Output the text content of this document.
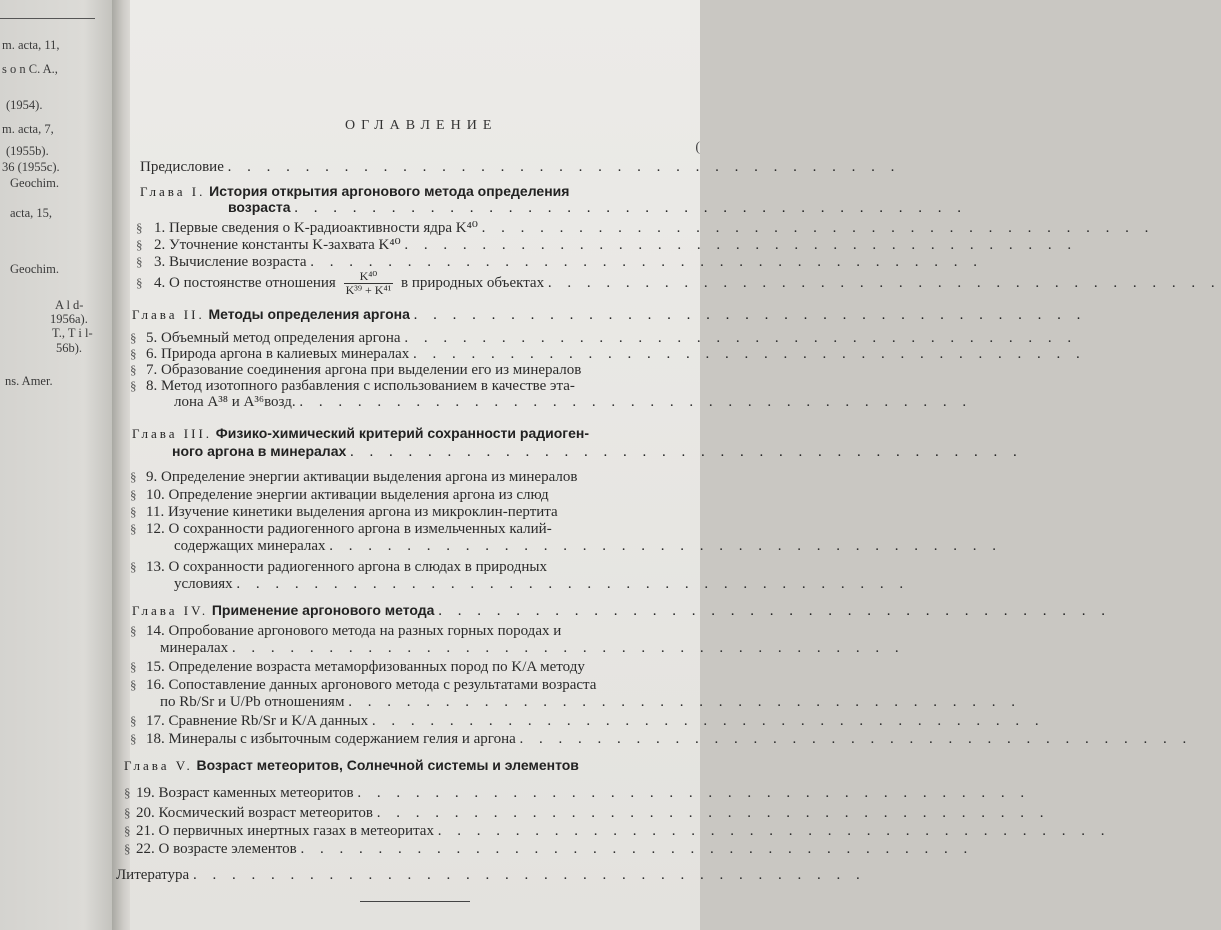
m. acta, 11,
s o n C. A.,
(1954).
m. acta, 7,
(1955b).
36 (1955c).
Geochim.
acta, 15,
Geochim.
A l d-
1956a).
T., T i l-
56b).
ns. Amer.
ОГЛАВЛЕНИЕ
(
Предисловие . . . . . . . . . . . . . . . . . . . . . . . . . . . . . . . . . . .
Глава I. История открытия аргонового метода определения
возраста . . . . . . . . . . . . . . . . . . . . . . . . . . . . . . . . . . .
§ 1. Первые сведения о K-радиоактивности ядра K⁴⁰ . . . . . . . . . . . . . . . . . . . . . . . . . . . . . . . . . . .
§ 2. Уточнение константы K-захвата K⁴⁰ . . . . . . . . . . . . . . . . . . . . . . . . . . . . . . . . . . .
§ 3. Вычисление возраста . . . . . . . . . . . . . . . . . . . . . . . . . . . . . . . . . . .
§ 4. О постоянстве отношения $\frac{\text{K⁴⁰}}{\text{K³⁹ + K⁴¹}}$ в природных объектах . . . . . . . . . . . . . . . . . . . . . . . . . . . . . . . . . . .
Глава II. Методы определения аргона . . . . . . . . . . . . . . . . . . . . . . . . . . . . . . . . . . .
§ 5. Объемный метод определения аргона . . . . . . . . . . . . . . . . . . . . . . . . . . . . . . . . . . .
§ 6. Природа аргона в калиевых минералах . . . . . . . . . . . . . . . . . . . . . . . . . . . . . . . . . . .
§ 7. Образование соединения аргона при выделении его из минералов
§ 8. Метод изотопного разбавления с использованием в качестве эта-
лона A³⁸ и A³⁶возд. . . . . . . . . . . . . . . . . . . . . . . . . . . . . . . . . . . .
Глава III. Физико-химический критерий сохранности радиоген-
ного аргона в минералах . . . . . . . . . . . . . . . . . . . . . . . . . . . . . . . . . . .
§ 9. Определение энергии активации выделения аргона из минералов
§ 10. Определение энергии активации выделения аргона из слюд
§ 11. Изучение кинетики выделения аргона из микроклин-пертита
§ 12. О сохранности радиогенного аргона в измельченных калий-
содержащих минералах . . . . . . . . . . . . . . . . . . . . . . . . . . . . . . . . . . .
§ 13. О сохранности радиогенного аргона в слюдах в природных
условиях . . . . . . . . . . . . . . . . . . . . . . . . . . . . . . . . . . .
Глава IV. Применение аргонового метода . . . . . . . . . . . . . . . . . . . . . . . . . . . . . . . . . . .
§ 14. Опробование аргонового метода на разных горных породах и
минералах . . . . . . . . . . . . . . . . . . . . . . . . . . . . . . . . . . .
§ 15. Определение возраста метаморфизованных пород по K/A методу
§ 16. Сопоставление данных аргонового метода с результатами возраста
по Rb/Sr и U/Pb отношениям . . . . . . . . . . . . . . . . . . . . . . . . . . . . . . . . . . .
§ 17. Сравнение Rb/Sr и K/A данных . . . . . . . . . . . . . . . . . . . . . . . . . . . . . . . . . . .
§ 18. Минералы с избыточным содержанием гелия и аргона . . . . . . . . . . . . . . . . . . . . . . . . . . . . . . . . . . .
Глава V. Возраст метеоритов, Солнечной системы и элементов
§ 19. Возраст каменных метеоритов . . . . . . . . . . . . . . . . . . . . . . . . . . . . . . . . . . .
§ 20. Космический возраст метеоритов . . . . . . . . . . . . . . . . . . . . . . . . . . . . . . . . . . .
§ 21. О первичных инертных газах в метеоритах . . . . . . . . . . . . . . . . . . . . . . . . . . . . . . . . . . .
§ 22. О возрасте элементов . . . . . . . . . . . . . . . . . . . . . . . . . . . . . . . . . . .
Литература . . . . . . . . . . . . . . . . . . . . . . . . . . . . . . . . . . .
